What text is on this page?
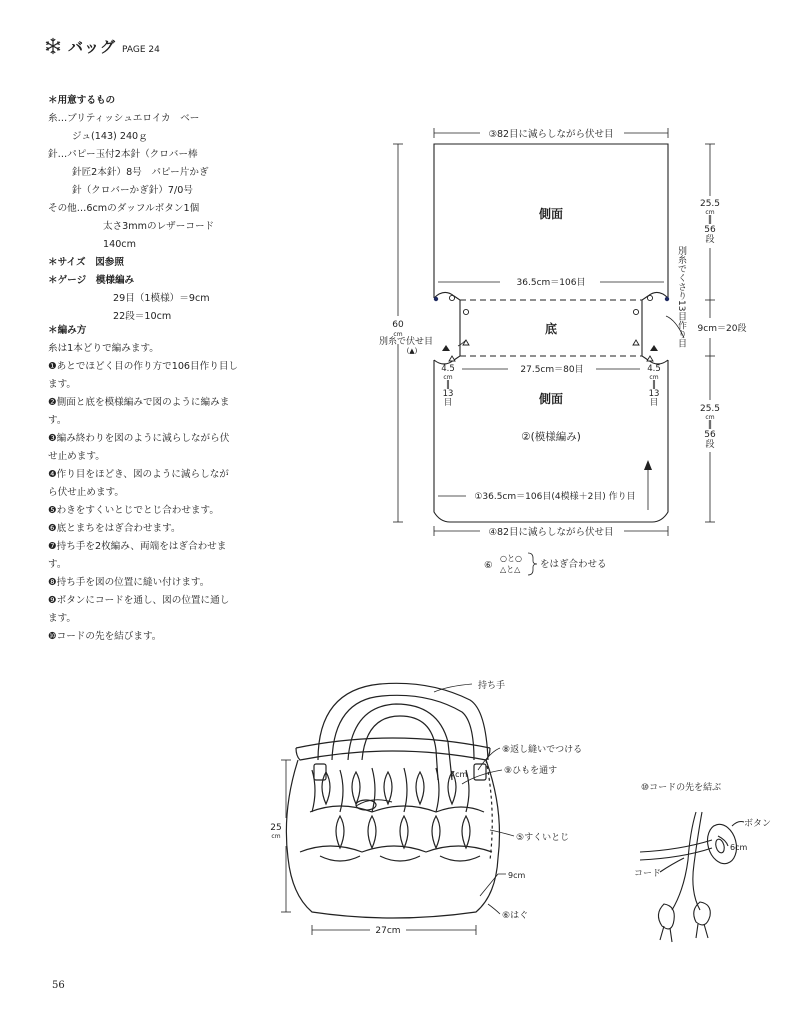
バッグ PAGE 24
＊用意するもの
糸…ブリティッシュエロイカ　ベー
ジュ(143) 240ｇ
針…パピー玉付2本針（クロバー棒
針匠2本針）8号　パピー片かぎ
針（クロバーかぎ針）7/0号
その他…6cmのダッフルボタン1個
太さ3mmのレザーコード
140cm
＊サイズ　図参照
＊ゲージ　模様編み
29目（1模様）＝9cm
22段＝10cm
＊編み方
糸は1本どりで編みます。
❶あとでほどく目の作り方で106目作り目します。
❷側面と底を模様編みで図のように編みます。
❸編み終わりを図のように減らしながら伏せ止めます。
❹作り目をほどき、図のように減らしながら伏せ止めます。
❺わきをすくいとじでとじ合わせます。
❻底とまちをはぎ合わせます。
❼持ち手を2枚編み、両端をはぎ合わせます。
❽持ち手を図の位置に縫い付けます。
❾ボタンにコードを通し、図の位置に通します。
❿コードの先を結びます。
③82目に減らしながら伏せ目
側面
36.5cm＝106目
底
27.5cm＝80目
側面
②(模様編み)
①36.5cm＝106目(4模様＋2目) 作り目
④82目に減らしながら伏せ目
60
cm
別糸で伏せ目
(▲)
4.5
cm
‖
13
目
4.5
cm
‖
13
目
別糸でくさり13目作り目
25.5
cm
‖
56
段
9cm＝20段
25.5
cm
‖
56
段
⑥
○と○
△と△ をはぎ合わせる
持ち手
⑧返し縫いでつける
⑨ひもを通す
7cm
⑤すくいとじ
9cm
⑥はぐ
25
cm
27cm
⑩コードの先を結ぶ
ボタン
6cm
コード
56
